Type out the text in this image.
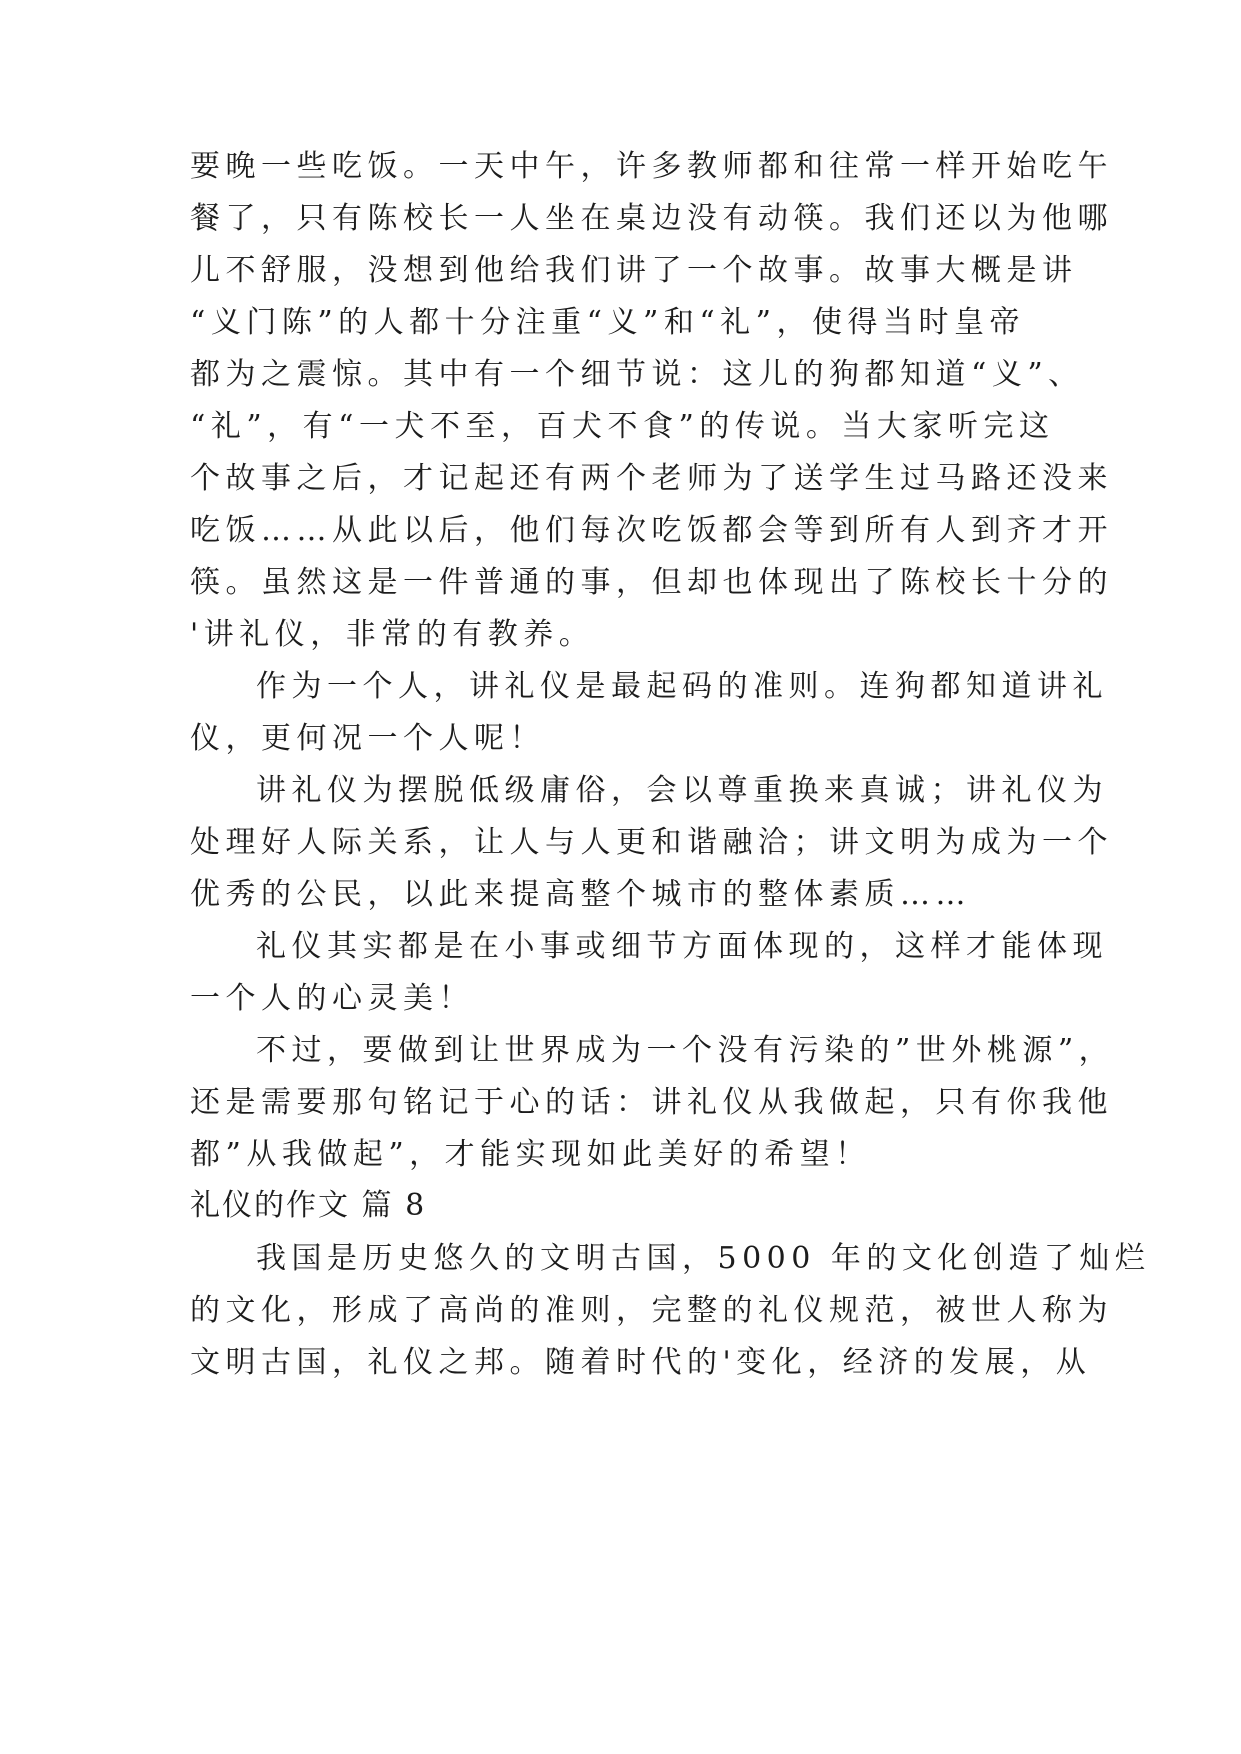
要晚一些吃饭。一天中午，许多教师都和往常一样开始吃午
餐了，只有陈校长一人坐在桌边没有动筷。我们还以为他哪
儿不舒服，没想到他给我们讲了一个故事。故事大概是讲
“义门陈”的人都十分注重“义”和“礼”，使得当时皇帝
都为之震惊。其中有一个细节说：这儿的狗都知道“义”、
“礼”，有“一犬不至，百犬不食”的传说。当大家听完这
个故事之后，才记起还有两个老师为了送学生过马路还没来
吃饭……从此以后，他们每次吃饭都会等到所有人到齐才开
筷。虽然这是一件普通的事，但却也体现出了陈校长十分的
'讲礼仪，非常的有教养。
作为一个人，讲礼仪是最起码的准则。连狗都知道讲礼
仪，更何况一个人呢！
讲礼仪为摆脱低级庸俗，会以尊重换来真诚；讲礼仪为
处理好人际关系，让人与人更和谐融洽；讲文明为成为一个
优秀的公民，以此来提高整个城市的整体素质……
礼仪其实都是在小事或细节方面体现的，这样才能体现
一个人的心灵美！
不过，要做到让世界成为一个没有污染的”世外桃源”，
还是需要那句铭记于心的话：讲礼仪从我做起，只有你我他
都”从我做起”，才能实现如此美好的希望！
礼仪的作文 篇 8
我国是历史悠久的文明古国，5000 年的文化创造了灿烂
的文化，形成了高尚的准则，完整的礼仪规范，被世人称为
文明古国，礼仪之邦。随着时代的'变化，经济的发展，从
